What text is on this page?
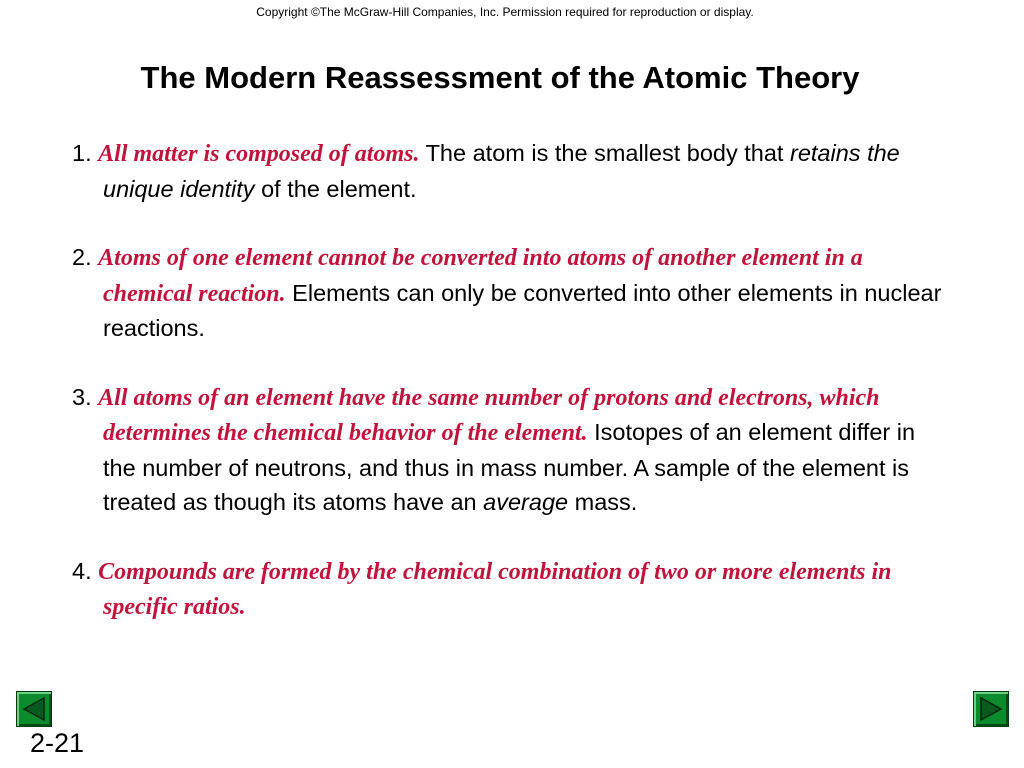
Copyright ©The McGraw-Hill Companies, Inc. Permission required for reproduction or display.
The Modern Reassessment of the Atomic Theory
1. All matter is composed of atoms. The atom is the smallest body that retains the unique identity of the element.
2. Atoms of one element cannot be converted into atoms of another element in a chemical reaction. Elements can only be converted into other elements in nuclear reactions.
3. All atoms of an element have the same number of protons and electrons, which determines the chemical behavior of the element. Isotopes of an element differ in the number of neutrons, and thus in mass number. A sample of the element is treated as though its atoms have an average mass.
4. Compounds are formed by the chemical combination of two or more elements in specific ratios.
2-21
